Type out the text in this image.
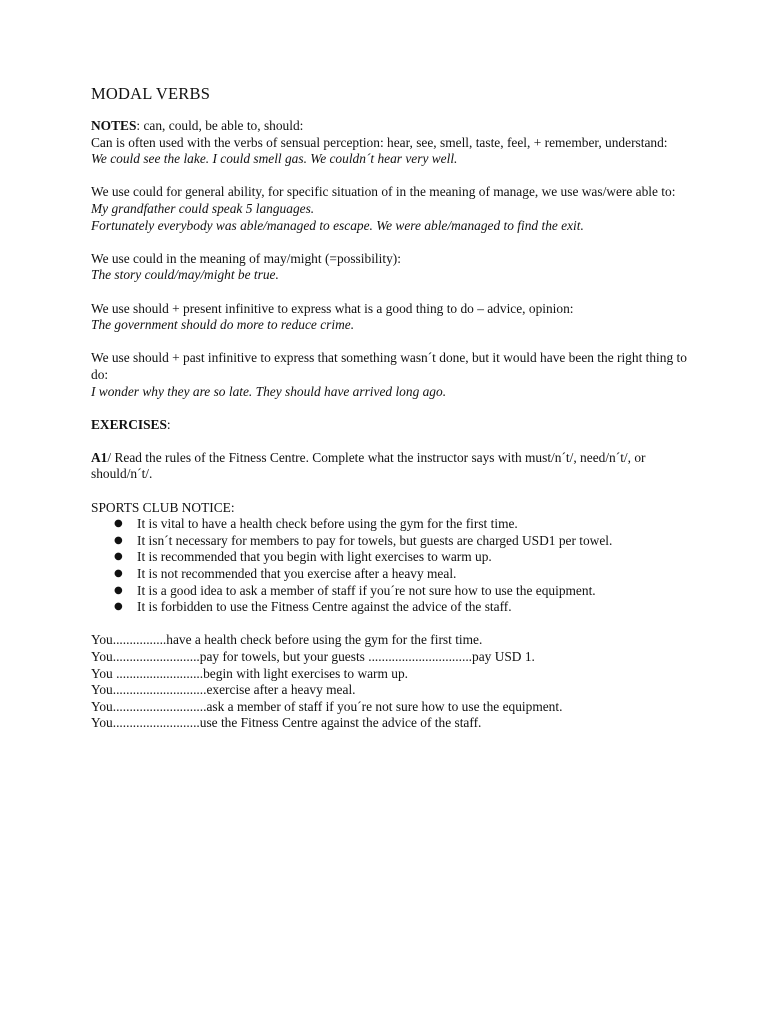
MODAL VERBS

NOTES: can, could, be able to, should:

Can is often used with the verbs of sensual perception: hear, see, smell, taste, feel, + remember, understand:

We could see the lake. I could smell gas. We couldn´t hear very well.

We use could for general ability, for specific situation of in the meaning of manage, we use was/were able to:

My grandfather could speak 5 languages.

Fortunately everybody was able/managed to escape. We were able/managed to find the exit.

We use could in the meaning of may/might (=possibility):

The story could/may/might be true.

We use should + present infinitive to express what is a good thing to do – advice, opinion:

The government should do more to reduce crime.

We use should + past infinitive to express that something wasn´t done, but it would have been the right thing to do:

I wonder why they are so late. They should have arrived long ago.

EXERCISES:

A1/ Read the rules of the Fitness Centre. Complete what the instructor says with must/n´t/, need/n´t/, or should/n´t/.

SPORTS CLUB NOTICE:

● It is vital to have a health check before using the gym for the first time.
● It isn´t necessary for members to pay for towels, but guests are charged USD1 per towel.
● It is recommended that you begin with light exercises to warm up.
● It is not recommended that you exercise after a heavy meal.
● It is a good idea to ask a member of staff if you´re not sure how to use the equipment.
● It is forbidden to use the Fitness Centre against the advice of the staff.

You................have a health check before using the gym for the first time.

You..........................pay for towels, but your guests ...............................pay USD 1.

You ..........................begin with light exercises to warm up.

You............................exercise after a heavy meal.

You............................ask a member of staff if you´re not sure how to use the equipment.

You..........................use the Fitness Centre against the advice of the staff.
